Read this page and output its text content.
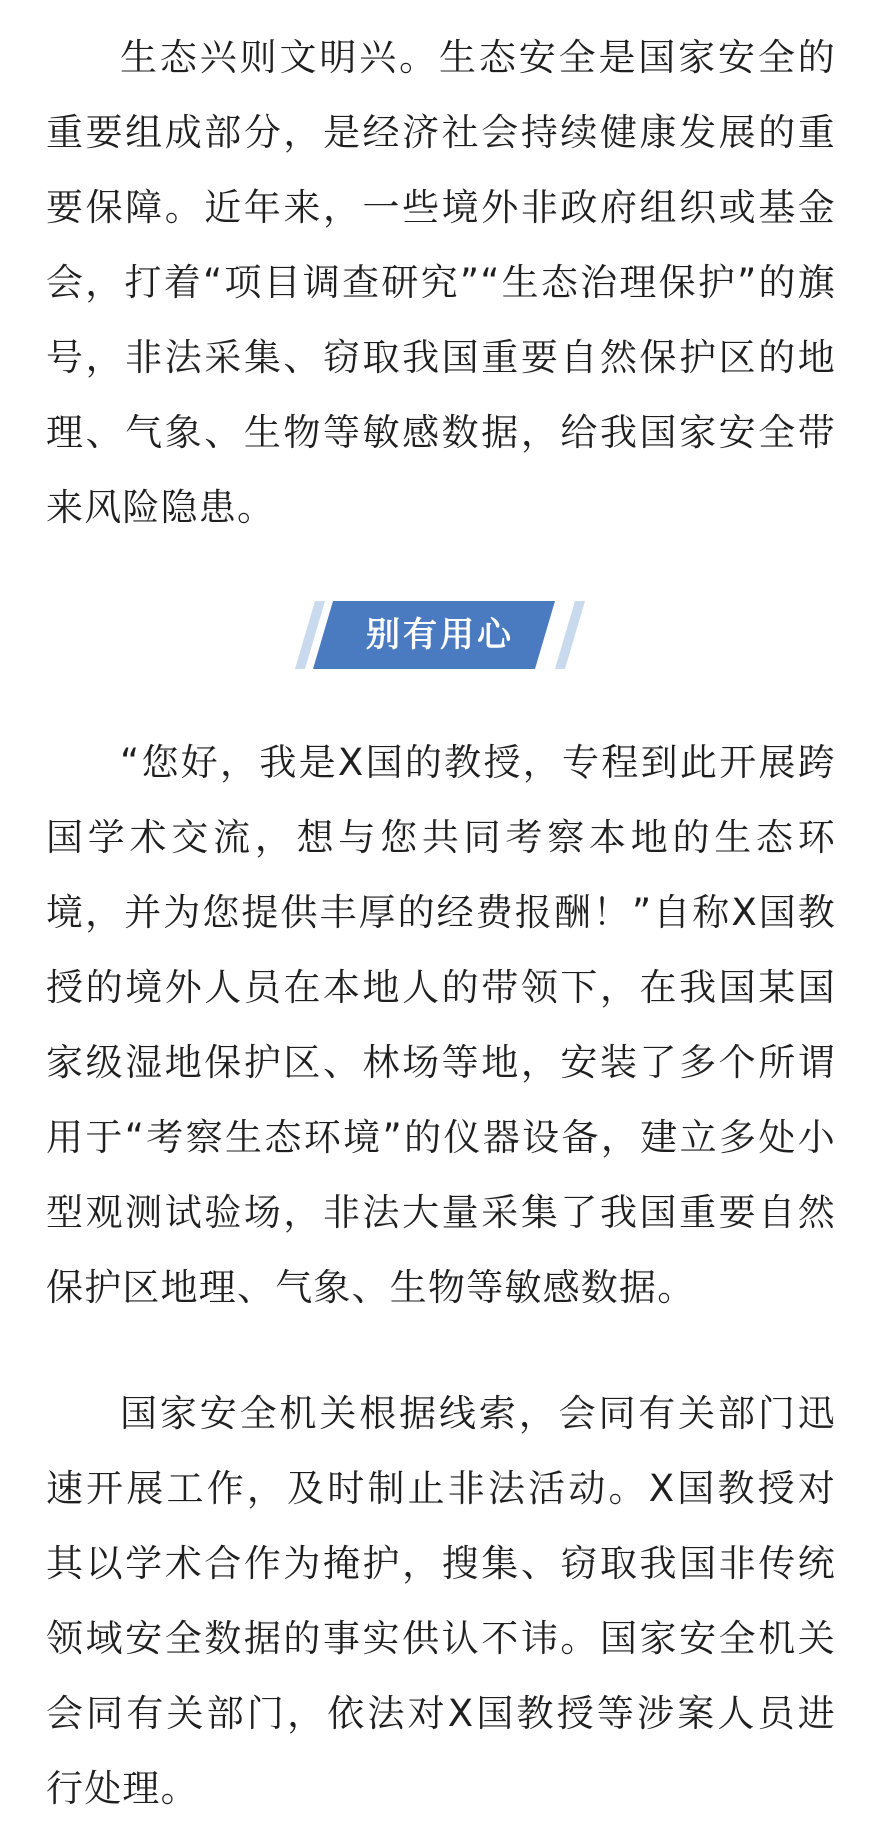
生态兴则文明兴。生态安全是国家安全的重要组成部分，是经济社会持续健康发展的重要保障。近年来，一些境外非政府组织或基金会，打着“项目调查研究”“生态治理保护”的旗号，非法采集、窃取我国重要自然保护区的地理、气象、生物等敏感数据，给我国家安全带来风险隐患。

别有用心

“您好，我是X国的教授，专程到此开展跨国学术交流，想与您共同考察本地的生态环境，并为您提供丰厚的经费报酬！”自称X国教授的境外人员在本地人的带领下，在我国某国家级湿地保护区、林场等地，安装了多个所谓用于“考察生态环境”的仪器设备，建立多处小型观测试验场，非法大量采集了我国重要自然保护区地理、气象、生物等敏感数据。

国家安全机关根据线索，会同有关部门迅速开展工作，及时制止非法活动。X国教授对其以学术合作为掩护，搜集、窃取我国非传统领域安全数据的事实供认不讳。国家安全机关会同有关部门，依法对X国教授等涉案人员进行处理。
